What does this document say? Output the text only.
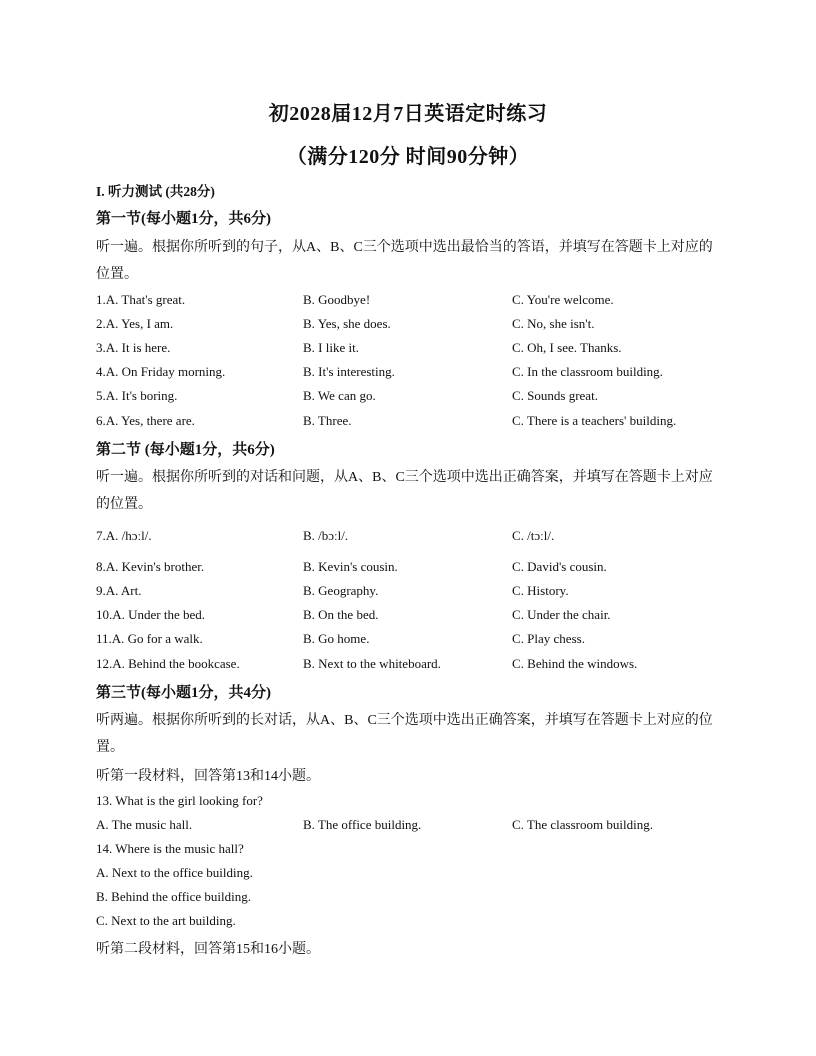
初2028届12月7日英语定时练习
（满分120分 时间90分钟）
I. 听力测试 (共28分)
第一节(每小题1分，共6分)
听一遍。根据你所听到的句子，从A、B、C三个选项中选出最恰当的答语，并填写在答题卡上对应的位置。
1.A. That's great.	B. Goodbye!	C. You're welcome.
2.A. Yes, I am.	B. Yes, she does.	C. No, she isn't.
3.A. It is here.	B. I like it.	C. Oh, I see. Thanks.
4.A. On Friday morning.	B. It's interesting.	C. In the classroom building.
5.A. It's boring.	B. We can go.	C. Sounds great.
6.A. Yes, there are.	B. Three.	C. There is a teachers' building.
第二节 (每小题1分，共6分)
听一遍。根据你所听到的对话和问题，从A、B、C三个选项中选出正确答案，并填写在答题卡上对应的位置。
7.A. /hɔːl/.	B. /bɔːl/.	C. /tɔːl/.
8.A. Kevin's brother.	B. Kevin's cousin.	C. David's cousin.
9.A. Art.	B. Geography.	C. History.
10.A. Under the bed.	B. On the bed.	C. Under the chair.
11.A. Go for a walk.	B. Go home.	C. Play chess.
12.A. Behind the bookcase.	B. Next to the whiteboard.	C. Behind the windows.
第三节(每小题1分，共4分)
听两遍。根据你所听到的长对话，从A、B、C三个选项中选出正确答案，并填写在答题卡上对应的位置。
听第一段材料，回答第13和14小题。
13. What is the girl looking for?
A. The music hall.	B. The office building.	C. The classroom building.
14. Where is the music hall?
A. Next to the office building.
B. Behind the office building.
C. Next to the art building.
听第二段材料，回答第15和16小题。
